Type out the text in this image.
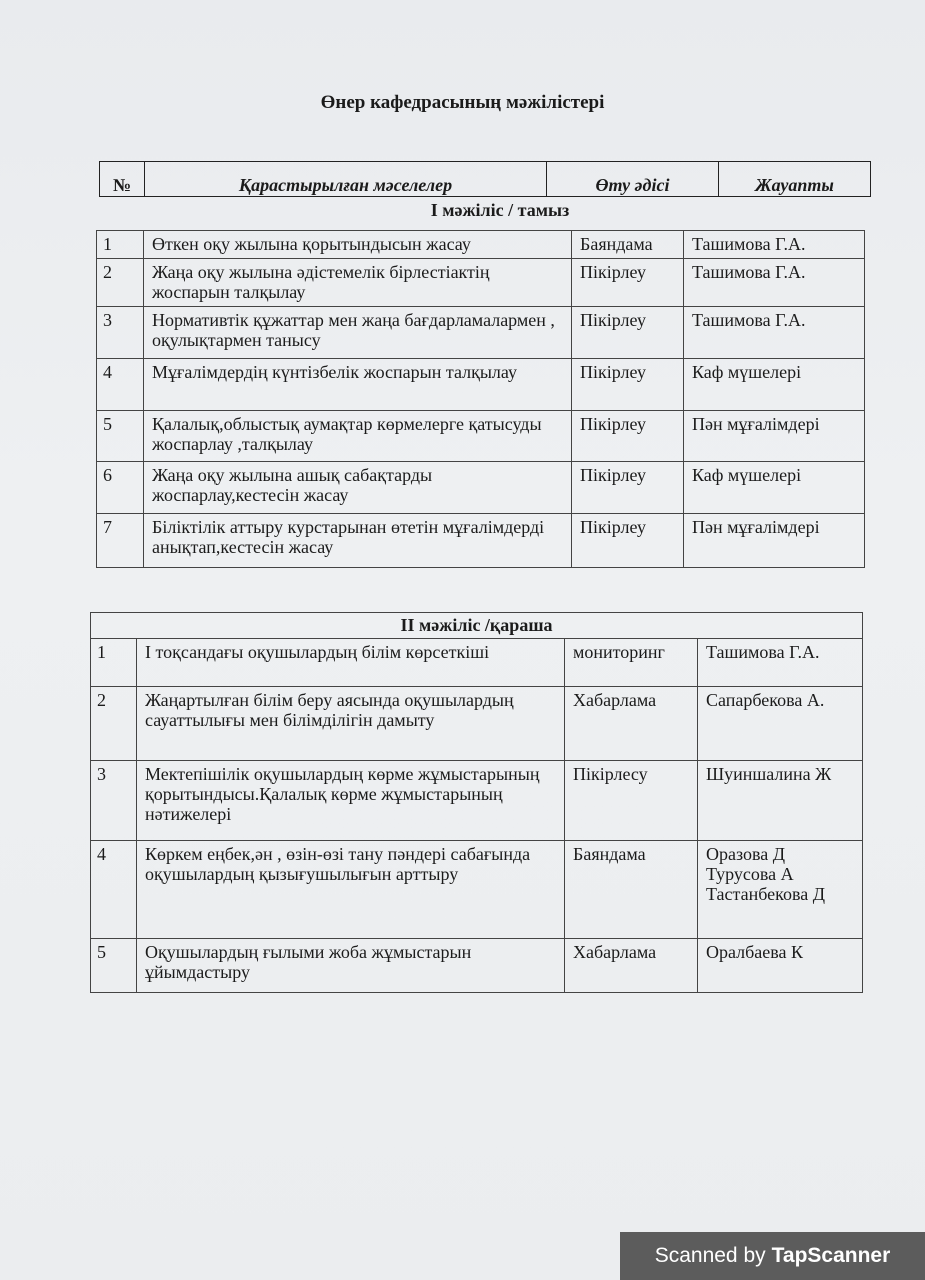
Өнер кафедрасының мәжілістері
№	Қарастырылған мәселелер	Өту әдісі	Жауапты
I мәжіліс / тамыз
1	Өткен оқу жылына қорытындысын жасау	Баяндама	Ташимова Г.А.
2	Жаңа оқу жылына әдістемелік бірлестіактің жоспарын талқылау	Пікірлеу	Ташимова Г.А.
3	Нормативтік құжаттар мен жаңа бағдарламалармен , оқулықтармен танысу	Пікірлеу	Ташимова Г.А.
4	Мұғалімдердің күнтізбелік жоспарын талқылау	Пікірлеу	Каф мүшелері
5	Қалалық,облыстық аумақтар көрмелерге қатысуды жоспарлау ,талқылау	Пікірлеу	Пән мұғалімдері
6	Жаңа оқу жылына ашық сабақтарды жоспарлау,кестесін жасау	Пікірлеу	Каф мүшелері
7	Біліктілік аттыру курстарынан өтетін мұғалімдерді анықтап,кестесін жасау	Пікірлеу	Пән мұғалімдері
II мәжіліс /қараша			
1	І тоқсандағы оқушылардың білім көрсеткіші	мониторинг	Ташимова Г.А.
2	Жаңартылған білім беру аясында оқушылардың сауаттылығы мен білімділігін дамыту	Хабарлама	Сапарбекова А.
3	Мектепішілік оқушылардың көрме жұмыстарының қорытындысы.Қалалық көрме жұмыстарының нәтижелері	Пікірлесу	Шуиншалина Ж
4	Көркем еңбек,ән , өзін-өзі тану пәндері сабағында оқушылардың қызығушылығын арттыру	Баяндама	Оразова Д Турусова А Тастанбекова Д
5	Оқушылардың ғылыми жоба жұмыстарын ұйымдастыру	Хабарлама	Оралбаева К
Scanned by TapScanner
